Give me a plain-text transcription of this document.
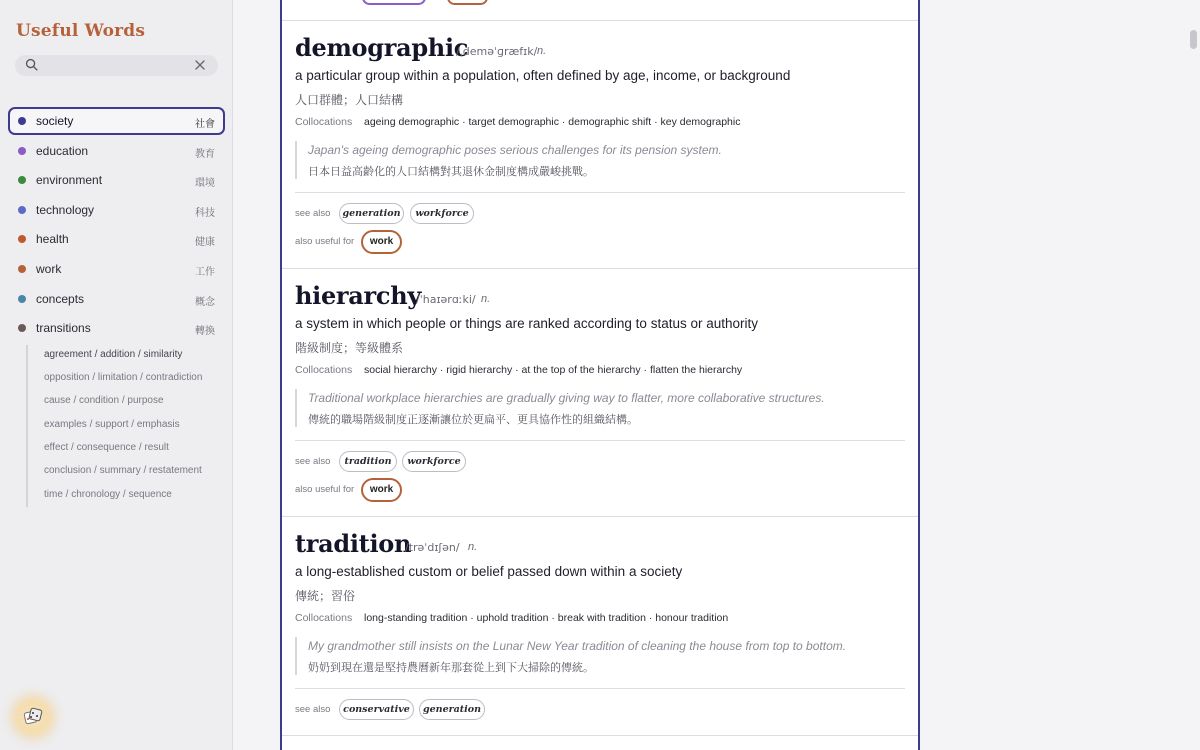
Useful Words
society	社會
education	教育
environment	環境
technology	科技
health	健康
work	工作
concepts	概念
transitions	轉換
agreement / addition / similarity
opposition / limitation / contradiction
cause / condition / purpose
examples / support / emphasis
effect / consequence / result
conclusion / summary / restatement
time / chronology / sequence
demographic
/ˌdeməˈɡræfɪk/ n.
a particular group within a population, often defined by age, income, or background
人口群體；人口結構
Collocations ageing demographic · target demographic · demographic shift · key demographic
Japan's ageing demographic poses serious challenges for its pension system.
日本日益高齡化的人口結構對其退休金制度構成嚴峻挑戰。
see also	generation	workforce
also useful for	work
hierarchy
/ˈhaɪərɑːki/ n.
a system in which people or things are ranked according to status or authority
階級制度；等級體系
Collocations social hierarchy · rigid hierarchy · at the top of the hierarchy · flatten the hierarchy
Traditional workplace hierarchies are gradually giving way to flatter, more collaborative structures.
傳統的職場階級制度正逐漸讓位於更扁平、更具協作性的組織結構。
see also	tradition	workforce
also useful for	work
tradition
/trəˈdɪʃən/ n.
a long-established custom or belief passed down within a society
傳統；習俗
Collocations long-standing tradition · uphold tradition · break with tradition · honour tradition
My grandmother still insists on the Lunar New Year tradition of cleaning the house from top to bottom.
奶奶到現在還是堅持農曆新年那套從上到下大掃除的傳統。
see also	conservative	generation
